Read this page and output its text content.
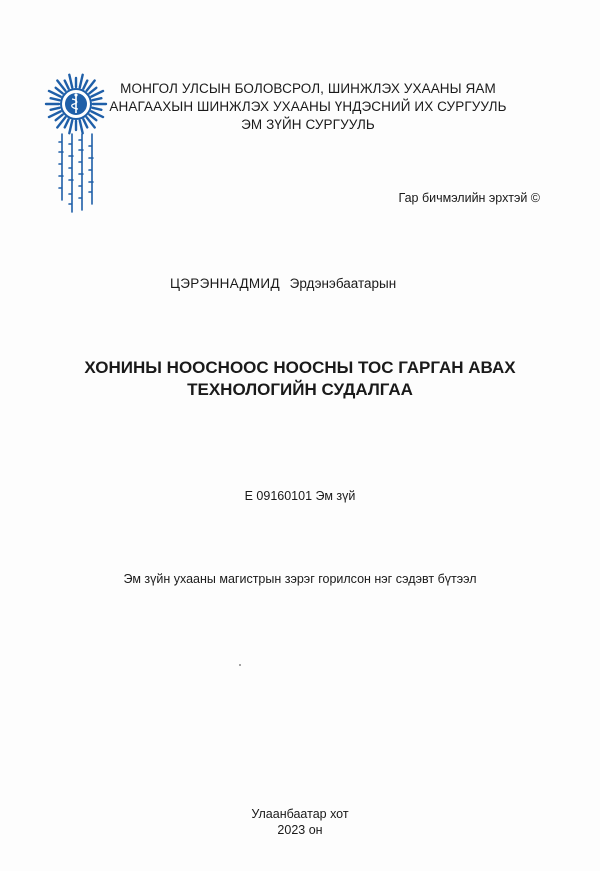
МОНГОЛ УЛСЫН БОЛОВСРОЛ, ШИНЖЛЭХ УХААНЫ ЯАМ
АНАГААХЫН ШИНЖЛЭХ УХААНЫ ҮНДЭСНИЙ ИХ СУРГУУЛЬ
ЭМ ЗҮЙН СУРГУУЛЬ
Гар бичмэлийн эрхтэй ©
ЦЭРЭННАДМИД Эрдэнэбаатарын
ХОНИНЫ НООСНООС НООСНЫ ТОС ГАРГАН АВАХ
ТЕХНОЛОГИЙН СУДАЛГАА
Е 09160101 Эм зүй
Эм зүйн ухааны магистрын зэрэг горилсон нэг сэдэвт бүтээл
Улаанбаатар хот
2023 он
